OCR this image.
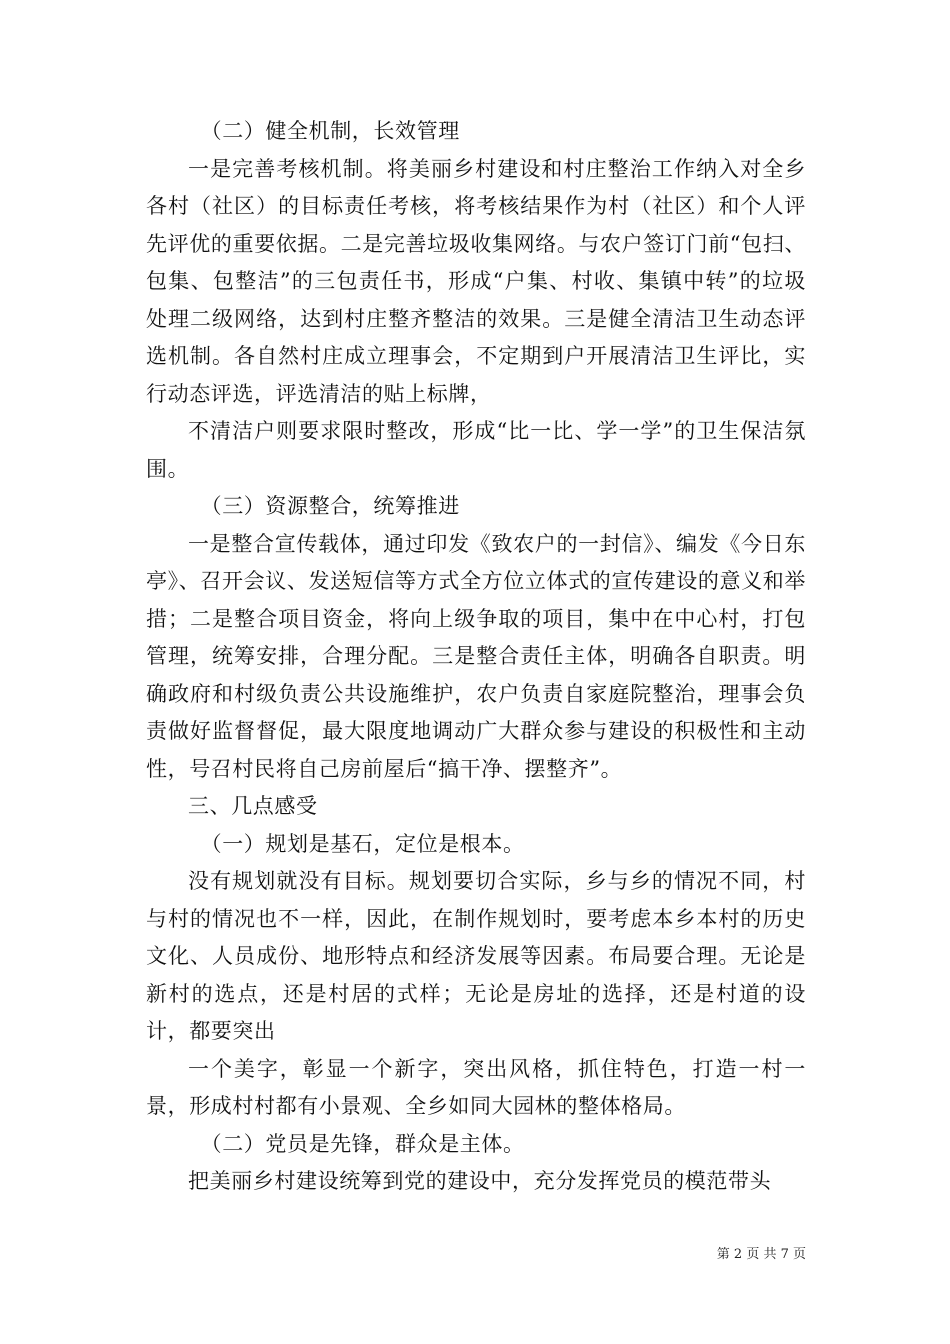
（二）健全机制，长效管理

一是完善考核机制。将美丽乡村建设和村庄整治工作纳入对全乡各村（社区）的目标责任考核，将考核结果作为村（社区）和个人评先评优的重要依据。二是完善垃圾收集网络。与农户签订门前“包扫、包集、包整洁”的三包责任书，形成“户集、村收、集镇中转”的垃圾处理二级网络，达到村庄整齐整洁的效果。三是健全清洁卫生动态评选机制。各自然村庄成立理事会，不定期到户开展清洁卫生评比，实行动态评选，评选清洁的贴上标牌，

不清洁户则要求限时整改，形成“比一比、学一学”的卫生保洁氛围。

（三）资源整合，统筹推进

一是整合宣传载体，通过印发《致农户的一封信》、编发《今日东亭》、召开会议、发送短信等方式全方位立体式的宣传建设的意义和举措；二是整合项目资金，将向上级争取的项目，集中在中心村，打包管理，统筹安排，合理分配。三是整合责任主体，明确各自职责。明确政府和村级负责公共设施维护，农户负责自家庭院整治，理事会负责做好监督督促，最大限度地调动广大群众参与建设的积极性和主动性，号召村民将自己房前屋后“搞干净、摆整齐”。

三、几点感受

（一）规划是基石，定位是根本。

没有规划就没有目标。规划要切合实际，乡与乡的情况不同，村与村的情况也不一样，因此，在制作规划时，要考虑本乡本村的历史文化、人员成份、地形特点和经济发展等因素。布局要合理。无论是新村的选点，还是村居的式样；无论是房址的选择，还是村道的设计，都要突出

一个美字，彰显一个新字，突出风格，抓住特色，打造一村一景，形成村村都有小景观、全乡如同大园林的整体格局。

（二）党员是先锋，群众是主体。

把美丽乡村建设统筹到党的建设中，充分发挥党员的模范带头

第 2 页 共 7 页
